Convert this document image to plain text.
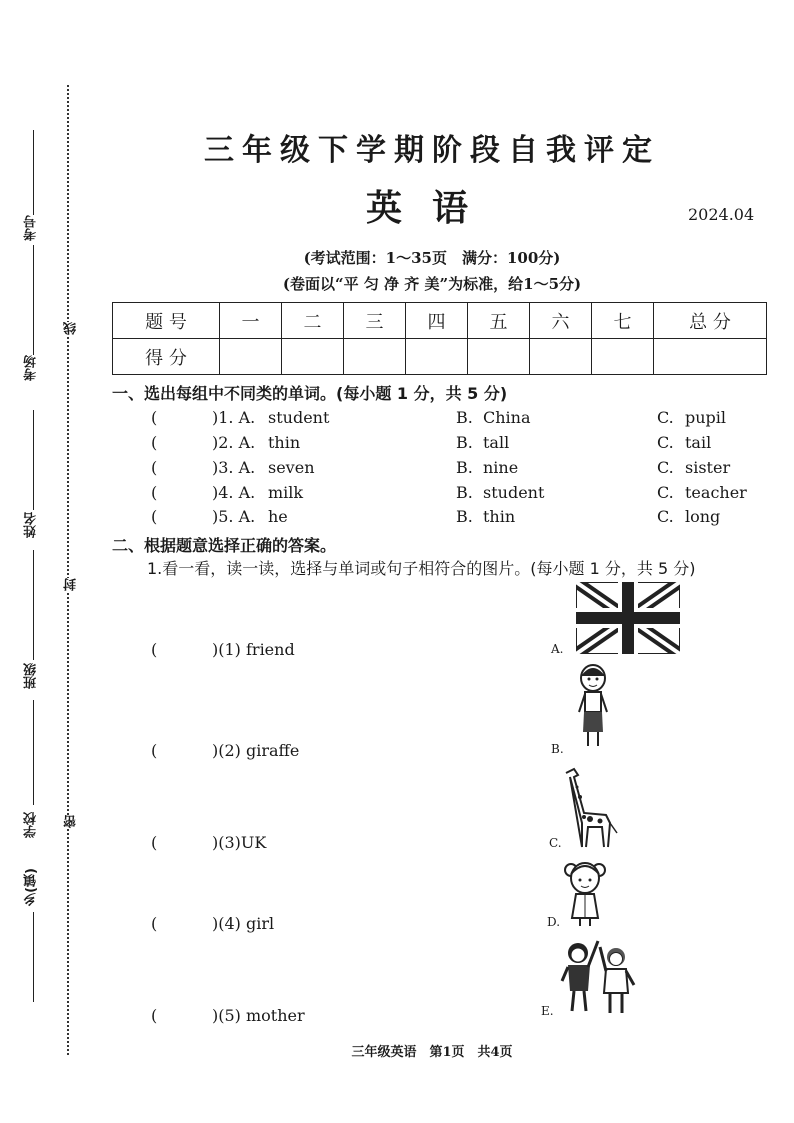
考号
考场
姓名
班级
学校
乡(镇)
线
封
密
三年级下学期阶段自我评定
英语	2024.04
(考试范围：1～35页　满分：100分)
(卷面以“平 匀 净 齐 美”为标准，给1～5分)
题 号	一	二	三	四	五	六	七	总 分
得 分								
一、选出每组中不同类的单词。(每小题 1 分，共 5 分)
(	)1. A. student	B. China	C. pupil
(	)2. A. thin	B. tall	C. tail
(	)3. A. seven	B. nine	C. sister
(	)4. A. milk	B. student	C. teacher
(	)5. A. he	B. thin	C. long
二、根据题意选择正确的答案。
1.看一看，读一读，选择与单词或句子相符合的图片。(每小题 1 分，共 5 分)
(	)(1) friend
(	)(2) giraffe
(	)(3)UK
(	)(4) girl
(	)(5) mother
A.
B.
C.
D.
E.
三年级英语　第1页　共4页
